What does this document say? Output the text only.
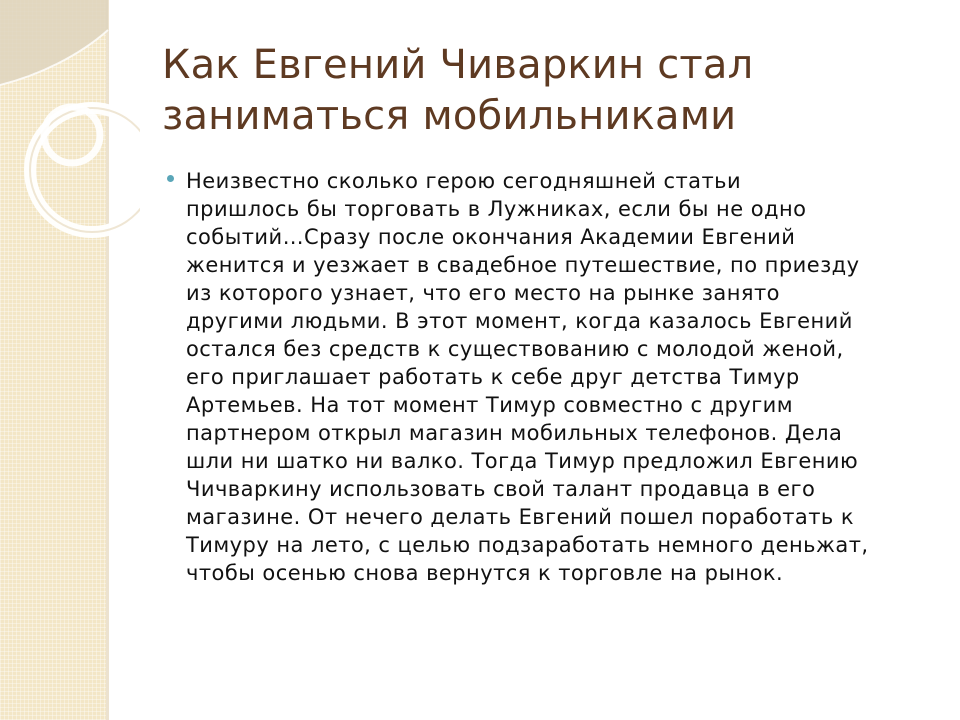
Как Евгений Чиваркин стал
заниматься мобильниками

Неизвестно сколько герою сегодняшней статьи
пришлось бы торговать в Лужниках, если бы не одно
событий…Сразу после окончания Академии Евгений
женится и уезжает в свадебное путешествие, по приезду
из которого узнает, что его место на рынке занято
другими людьми. В этот момент, когда казалось Евгений
остался без средств к существованию с молодой женой,
его приглашает работать к себе друг детства Тимур
Артемьев. На тот момент Тимур совместно с другим
партнером открыл магазин мобильных телефонов. Дела
шли ни шатко ни валко. Тогда Тимур предложил Евгению
Чичваркину использовать свой талант продавца в его
магазине. От нечего делать Евгений пошел поработать к
Тимуру на лето, с целью подзаработать немного деньжат,
чтобы осенью снова вернутся к торговле на рынок.
